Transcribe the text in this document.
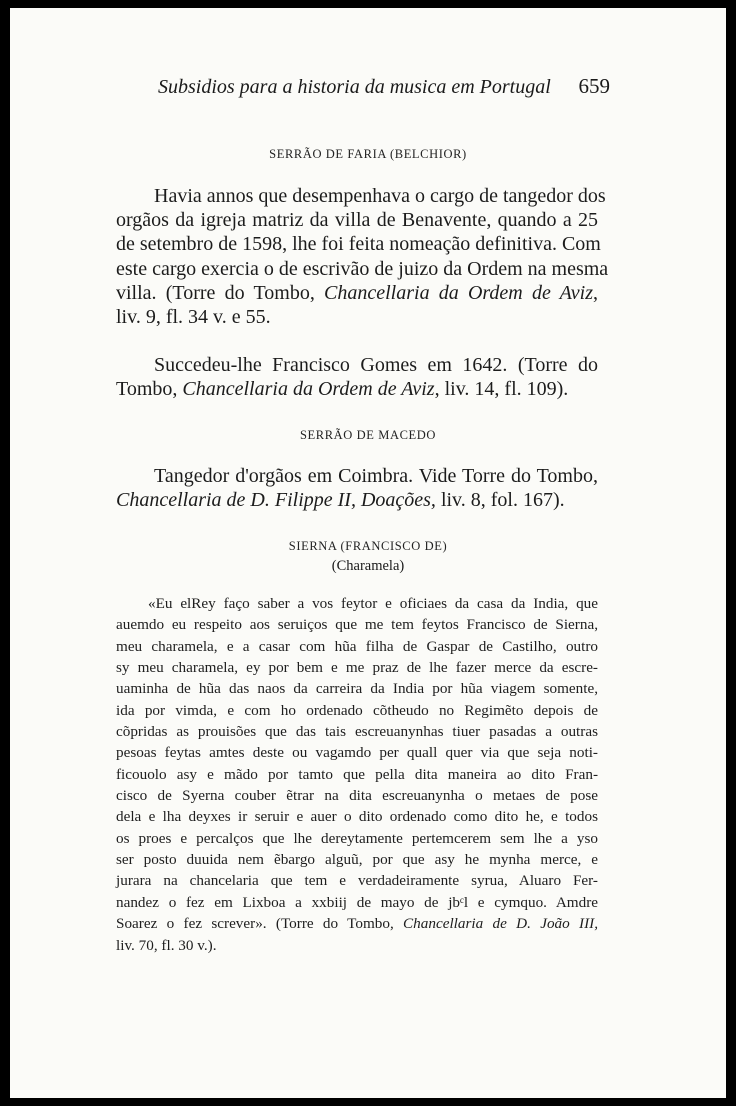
Subsidios para a historia da musica em Portugal 659
SERRÃO DE FARIA (BELCHIOR)
Havia annos que desempenhava o cargo de tangedor dos
orgãos da igreja matriz da villa de Benavente, quando a 25
de setembro de 1598, lhe foi feita nomeação definitiva. Com
este cargo exercia o de escrivão de juizo da Ordem na mesma
villa. (Torre do Tombo, Chancellaria da Ordem de Aviz,
liv. 9, fl. 34 v. e 55.
Succedeu-lhe Francisco Gomes em 1642. (Torre do
Tombo, Chancellaria da Ordem de Aviz, liv. 14, fl. 109).
SERRÃO DE MACEDO
Tangedor d'orgãos em Coimbra. Vide Torre do Tombo,
Chancellaria de D. Filippe II, Doações, liv. 8, fol. 167).
SIERNA (FRANCISCO DE)
(Charamela)
«Eu elRey faço saber a vos feytor e oficiaes da casa da India, que
auemdo eu respeito aos seruiços que me tem feytos Francisco de Sierna,
meu charamela, e a casar com hũa filha de Gaspar de Castilho, outro
sy meu charamela, ey por bem e me praz de lhe fazer merce da escre-
uaminha de hũa das naos da carreira da India por hũa viagem somente,
ida por vimda, e com ho ordenado cõtheudo no Regimẽto depois de
cõpridas as prouisões que das tais escreuanynhas tiuer pasadas a outras
pesoas feytas amtes deste ou vagamdo per quall quer via que seja noti-
ficouolo asy e mãdo por tamto que pella dita maneira ao dito Fran-
cisco de Syerna couber ẽtrar na dita escreuanynha o metaes de pose
dela e lha deyxes ir seruir e auer o dito ordenado como dito he, e todos
os proes e percalços que lhe dereytamente pertemcerem sem lhe a yso
ser posto duuida nem ẽbargo alguũ, por que asy he mynha merce, e
jurara na chancelaria que tem e verdadeiramente syrua, Aluaro Fer-
nandez o fez em Lixboa a xxbiij de mayo de jbᶜl e cymquo. Amdre
Soarez o fez screver». (Torre do Tombo, Chancellaria de D. João III,
liv. 70, fl. 30 v.).
